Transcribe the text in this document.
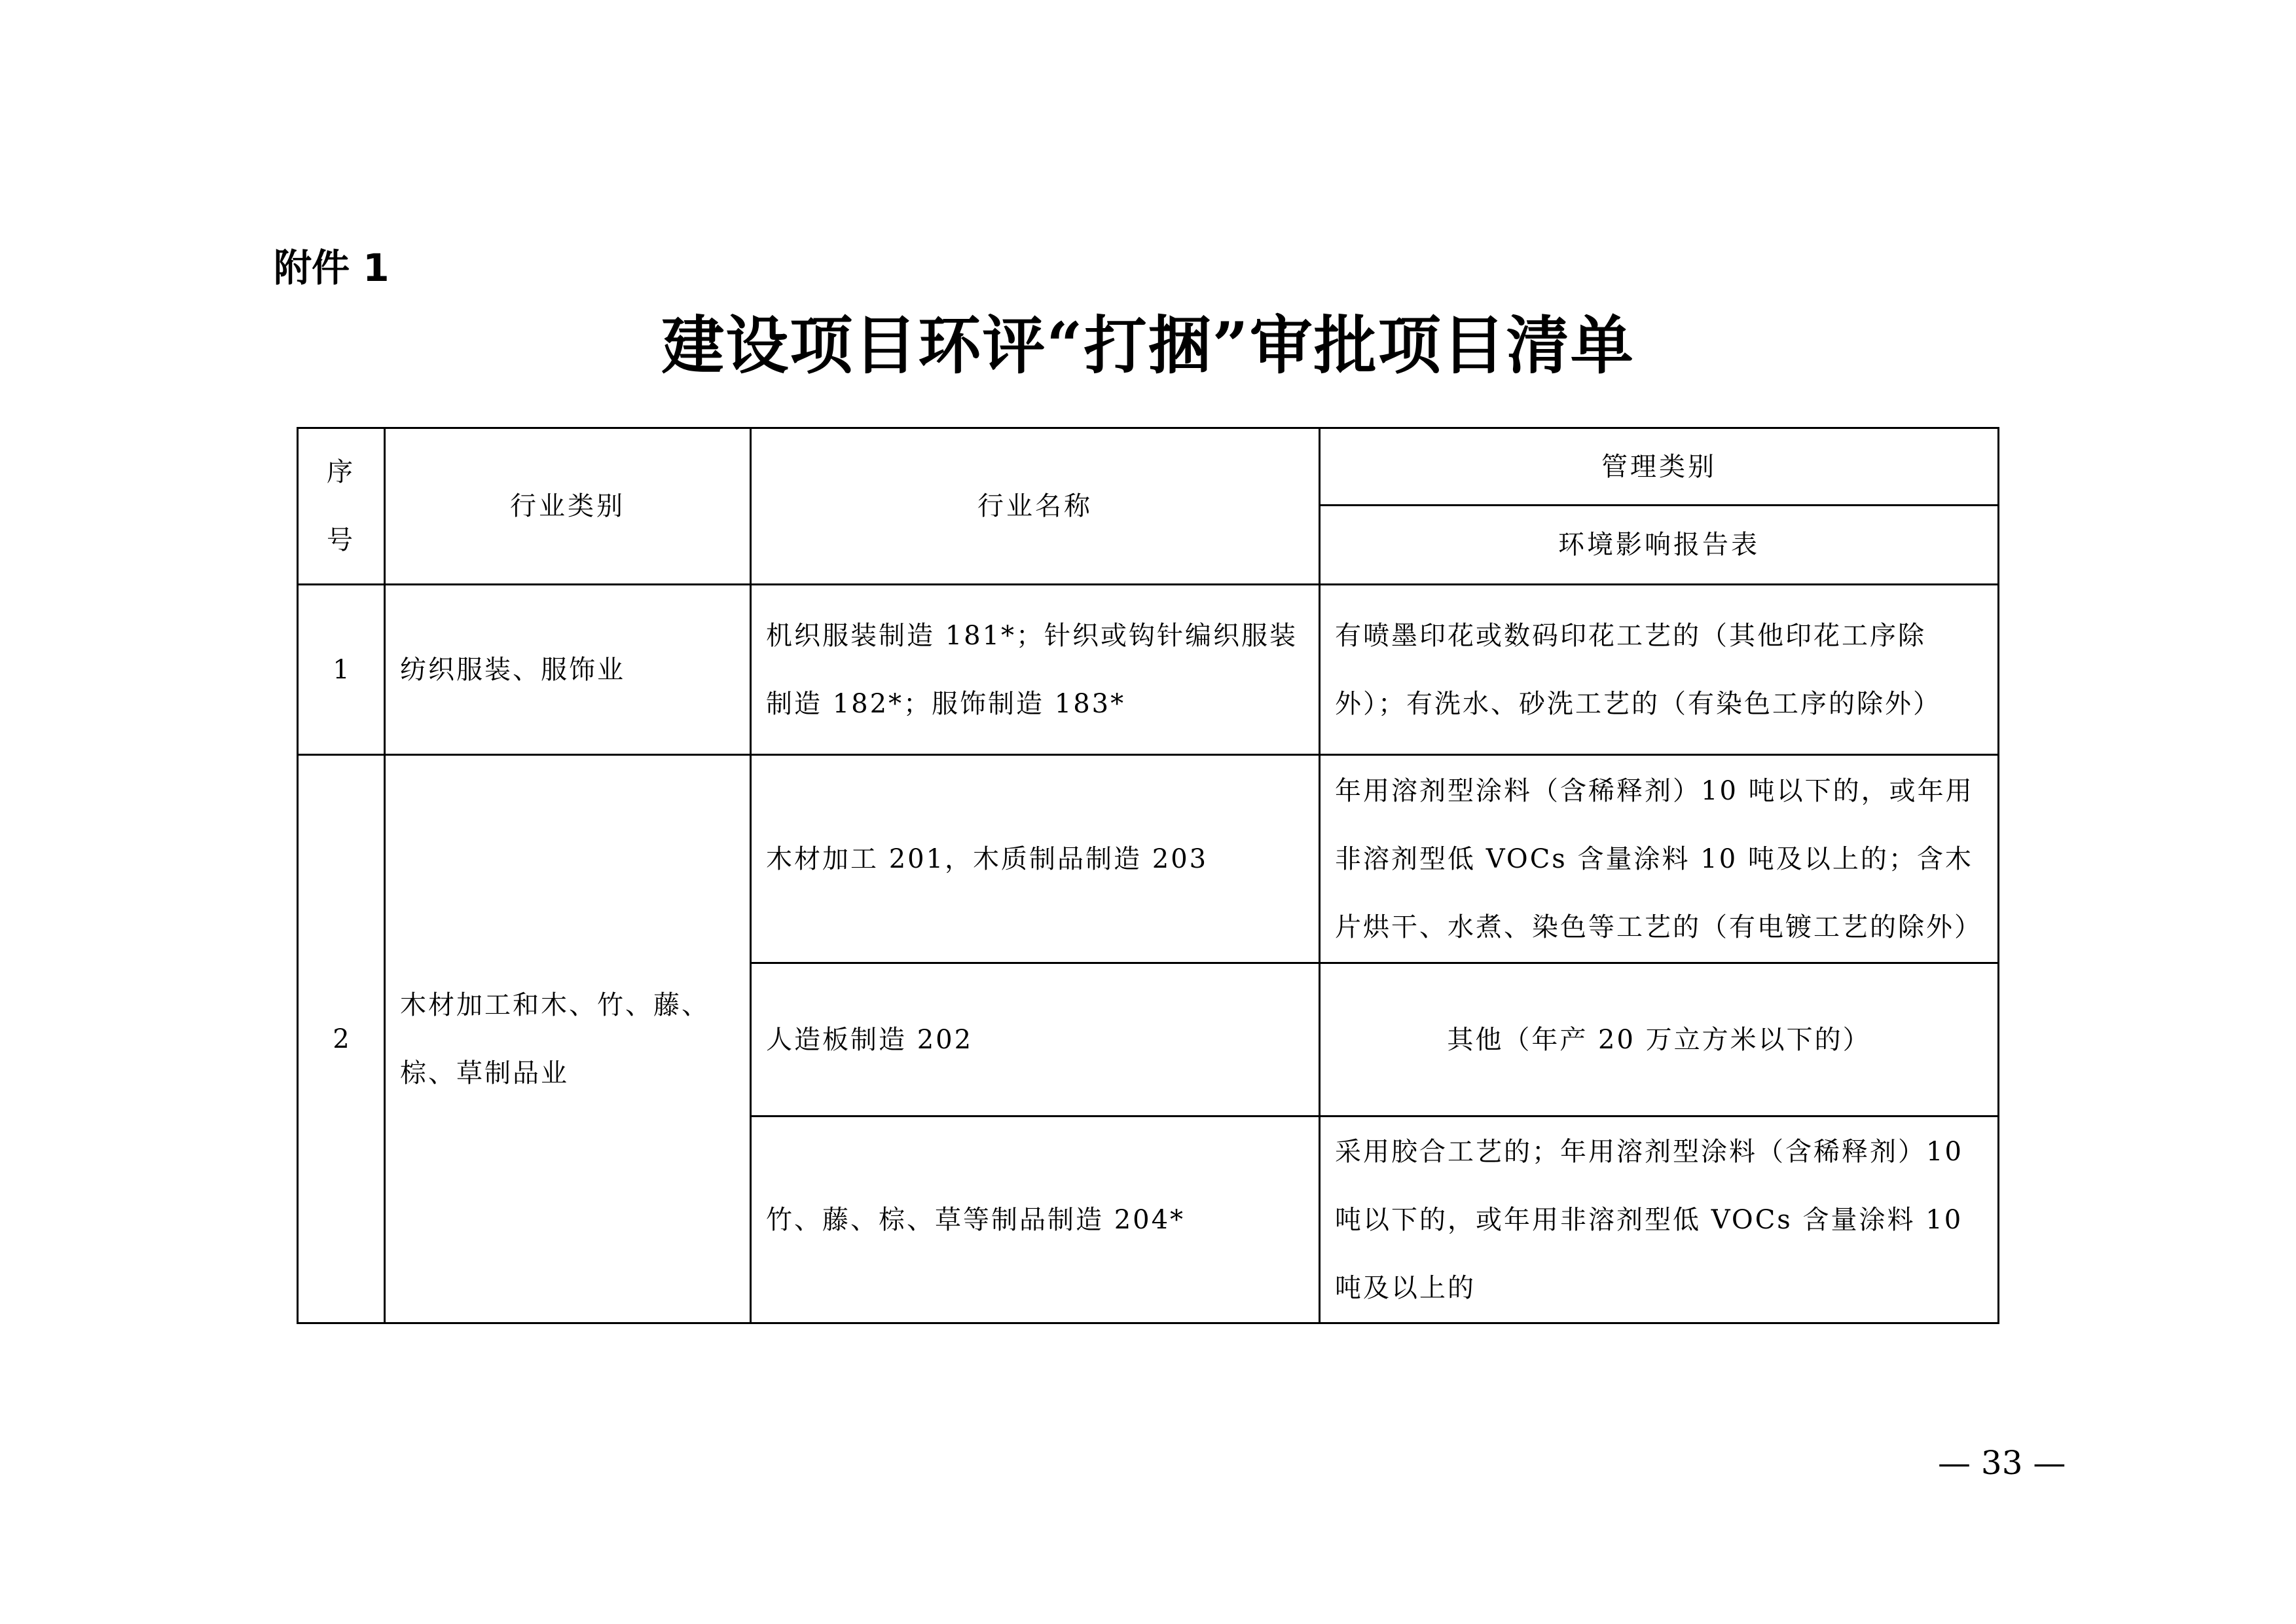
附件 1
建设项目环评“打捆”审批项目清单
序号	行业类别	行业名称	管理类别
			环境影响报告表
1	纺织服装、服饰业	机织服装制造 181*；针织或钩针编织服装制造 182*；服饰制造 183*	有喷墨印花或数码印花工艺的（其他印花工序除外）；有洗水、砂洗工艺的（有染色工序的除外）
2	木材加工和木、竹、藤、棕、草制品业	木材加工 201，木质制品制造 203	年用溶剂型涂料（含稀释剂）10 吨以下的，或年用非溶剂型低 VOCs 含量涂料 10 吨及以上的；含木片烘干、水煮、染色等工艺的（有电镀工艺的除外）
		人造板制造 202	其他（年产 20 万立方米以下的）
		竹、藤、棕、草等制品制造 204*	采用胶合工艺的；年用溶剂型涂料（含稀释剂）10 吨以下的，或年用非溶剂型低 VOCs 含量涂料 10 吨及以上的
— 33 —
